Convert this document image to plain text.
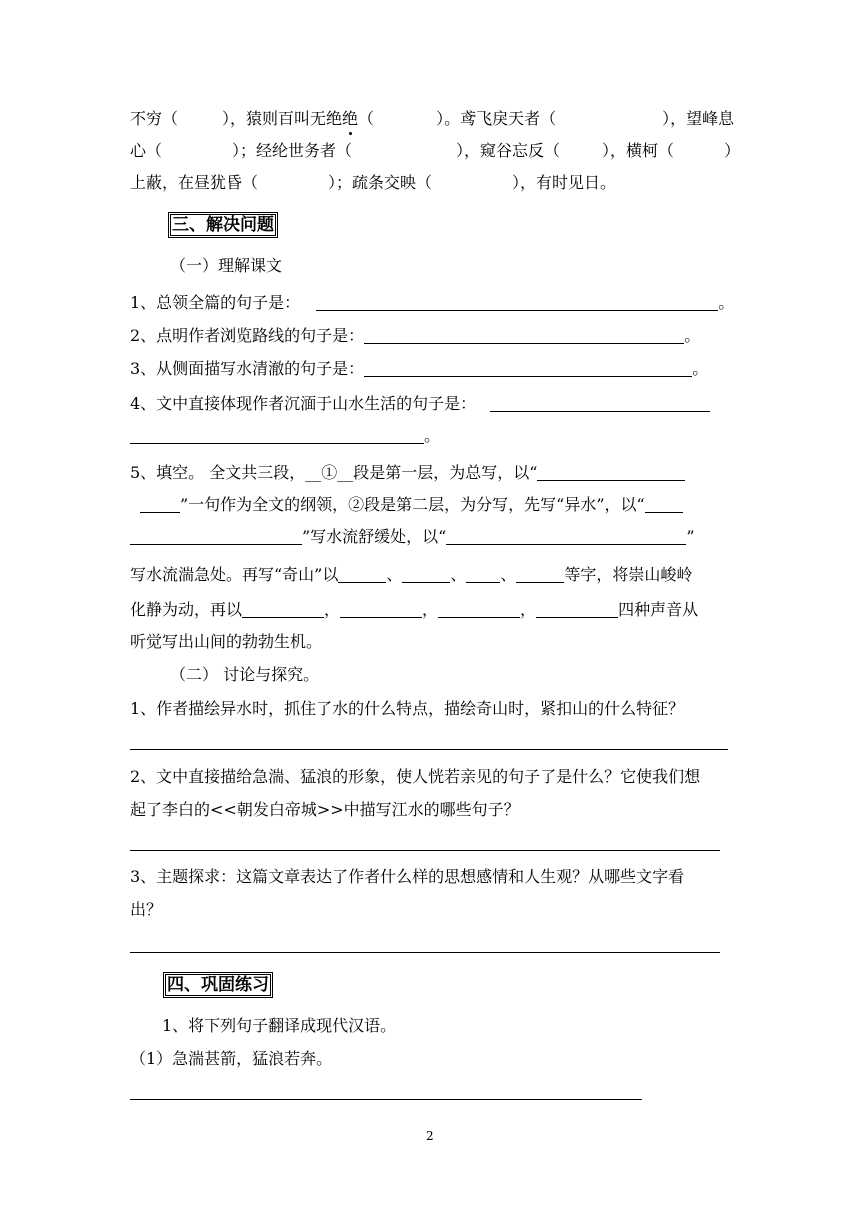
不穷（	），猿则百叫无绝绝（	）。鸢飞戾天者（	），望峰息
心（	）；经纶世务者（	），窥谷忘反（	），横柯（	）
上蔽，在昼犹昏（	）；疏条交映（	），有时见日。
三、解决问题
（一）理解课文
1、总领全篇的句子是：	。
2、点明作者浏览路线的句子是：	。
3、从侧面描写水清澈的句子是：	。
4、文中直接体现作者沉湎于山水生活的句子是：
。
5、填空。 全文共三段，__①__段是第一层，为总写，以“
”一句作为全文的纲领，②段是第二层，为分写，先写“异水”，以“
”写水流舒缓处，以“	”
写水流湍急处。再写“奇山”以	、	、 、	等字，将崇山峻岭
化静为动，再以	，	，	，	四种声音从
听觉写出山间的勃勃生机。
（二） 讨论与探究。
1、作者描绘异水时，抓住了水的什么特点，描绘奇山时，紧扣山的什么特征？
2、文中直接描给急湍、猛浪的形象，使人恍若亲见的句子了是什么？它使我们想
起了李白的<<朝发白帝城>>中描写江水的哪些句子？
3、主题探求：这篇文章表达了作者什么样的思想感情和人生观？从哪些文字看
出？
四、巩固练习
1、将下列句子翻译成现代汉语。
（1）急湍甚箭，猛浪若奔。
2
